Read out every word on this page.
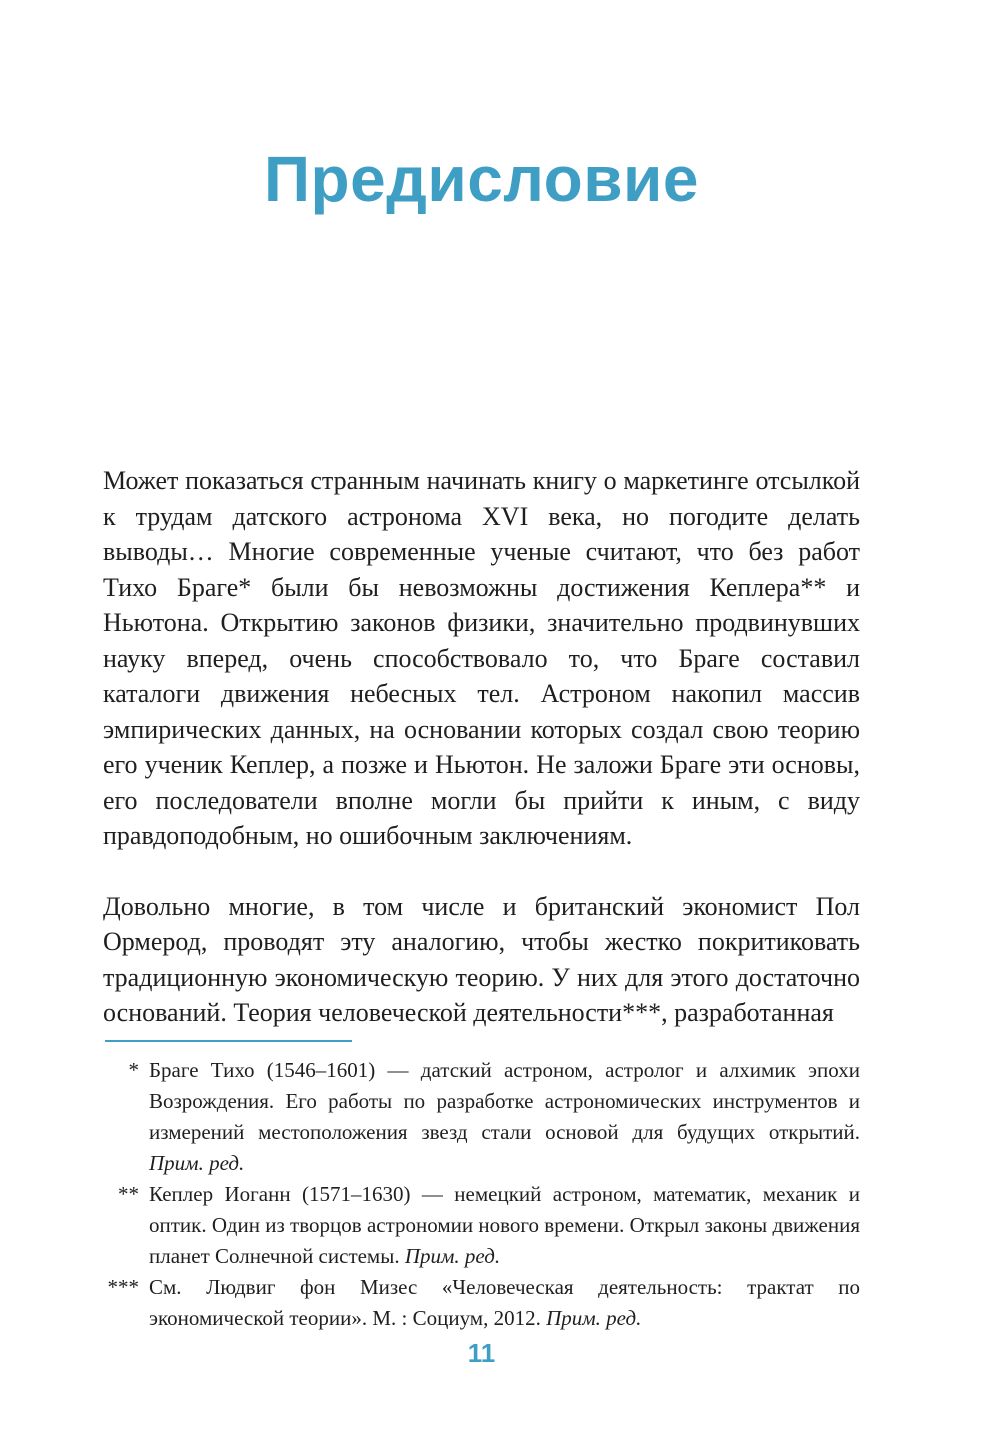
Предисловие

Может показаться странным начинать книгу о маркетинге отсылкой к трудам датского астронома XVI века, но погодите делать выводы… Многие современные ученые считают, что без работ Тихо Браге* были бы невозможны достижения Кеплера** и Ньютона. Открытию законов физики, значительно продвинувших науку вперед, очень способствовало то, что Браге составил каталоги движения небесных тел. Астроном накопил массив эмпирических данных, на основании которых создал свою теорию его ученик Кеплер, а позже и Ньютон. Не заложи Браге эти основы, его последователи вполне могли бы прийти к иным, с виду правдоподобным, но ошибочным заключениям.

Довольно многие, в том числе и британский экономист Пол Ормерод, проводят эту аналогию, чтобы жестко покритиковать традиционную экономическую теорию. У них для этого достаточно оснований. Теория человеческой деятельности***, разработанная

* Браге Тихо (1546–1601) — датский астроном, астролог и алхимик эпохи Возрождения. Его работы по разработке астрономических инструментов и измерений местоположения звезд стали основой для будущих открытий. Прим. ред.
** Кеплер Иоганн (1571–1630) — немецкий астроном, математик, механик и оптик. Один из творцов астрономии нового времени. Открыл законы движения планет Солнечной системы. Прим. ред.
*** См. Людвиг фон Мизес «Человеческая деятельность: трактат по экономической теории». М. : Социум, 2012. Прим. ред.
11
